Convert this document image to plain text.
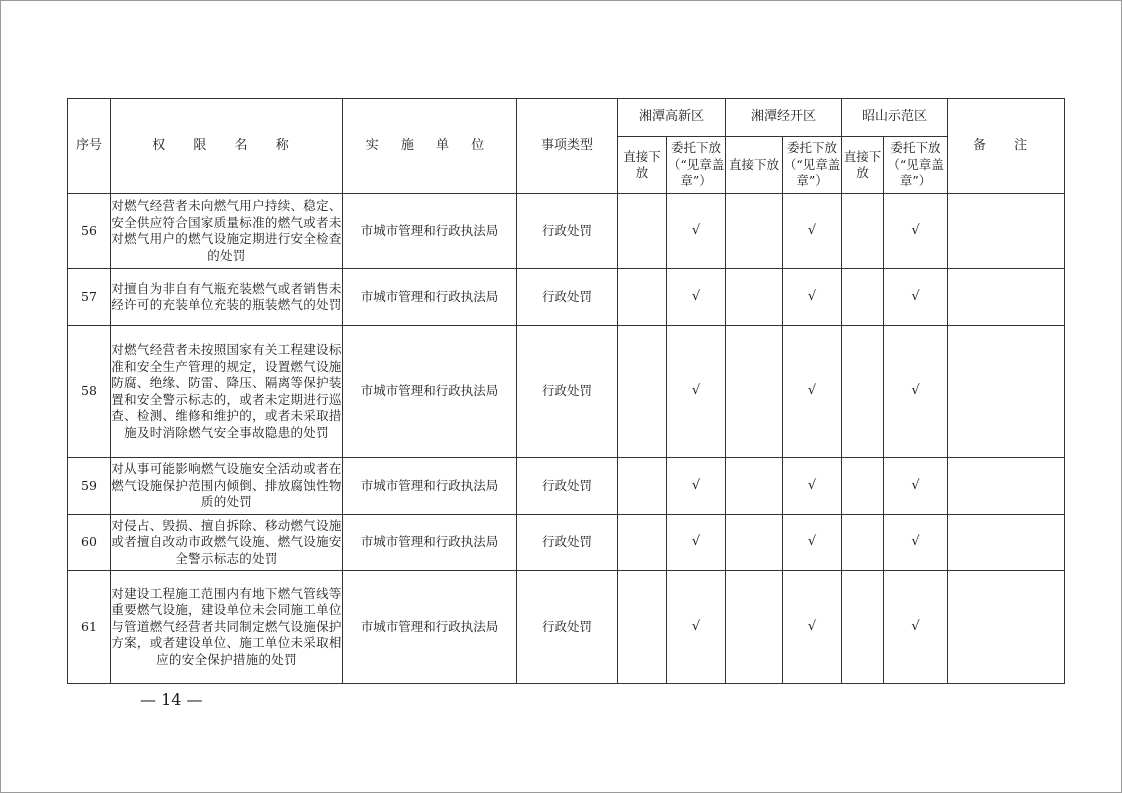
序号	权 限 名 称	实 施 单 位	事项类型	湘潭高新区		湘潭经开区		昭山示范区		备 注
				直接下放	委托下放（“见章盖章”）	直接下放	委托下放（“见章盖章”）	直接下放	委托下放（“见章盖章”）	
56	对燃气经营者未向燃气用户持续、稳定、安全供应符合国家质量标准的燃气或者未对燃气用户的燃气设施定期进行安全检查的处罚	市城市管理和行政执法局	行政处罚		√		√		√	
57	对擅自为非自有气瓶充装燃气或者销售未经许可的充装单位充装的瓶装燃气的处罚	市城市管理和行政执法局	行政处罚		√		√		√	
58	对燃气经营者未按照国家有关工程建设标准和安全生产管理的规定，设置燃气设施防腐、绝缘、防雷、降压、隔离等保护装置和安全警示标志的，或者未定期进行巡查、检测、维修和维护的，或者未采取措施及时消除燃气安全事故隐患的处罚	市城市管理和行政执法局	行政处罚		√		√		√	
59	对从事可能影响燃气设施安全活动或者在燃气设施保护范围内倾倒、排放腐蚀性物质的处罚	市城市管理和行政执法局	行政处罚		√		√		√	
60	对侵占、毁损、擅自拆除、移动燃气设施或者擅自改动市政燃气设施、燃气设施安全警示标志的处罚	市城市管理和行政执法局	行政处罚		√		√		√	
61	对建设工程施工范围内有地下燃气管线等重要燃气设施，建设单位未会同施工单位与管道燃气经营者共同制定燃气设施保护方案，或者建设单位、施工单位未采取相应的安全保护措施的处罚	市城市管理和行政执法局	行政处罚		√		√		√	
— 14 —
